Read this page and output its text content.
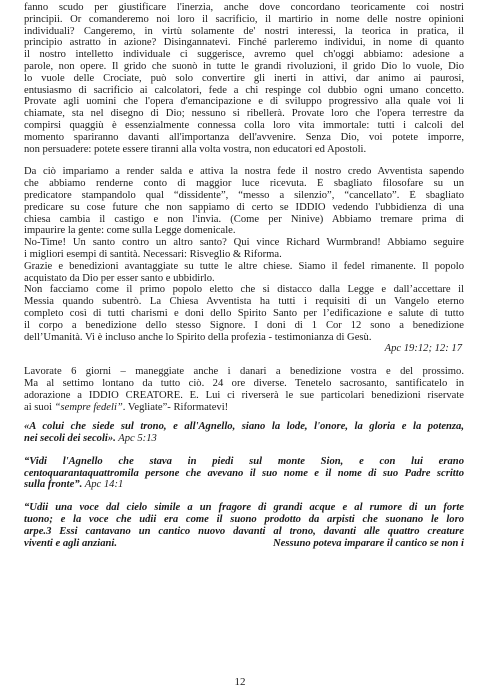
fanno scudo per giustificare l'inerzia, anche dove concordano teoricamente coi nostri
principii. Or comanderemo noi loro il sacrificio, il martirio in nome delle nostre opinioni
individuali? Cangeremo, in virtù solamente de' nostri interessi, la teorica in pratica, il
principio astratto in azione? Disingannatevi. Finché parleremo individui, in nome di quanto
il nostro intelletto individuale ci suggerisce, avremo quel ch'oggi abbiamo: adesione a
parole, non opere. Il grido che suonò in tutte le grandi rivoluzioni, il grido Dio lo vuole, Dio
lo vuole delle Crociate, può solo convertire gli inerti in attivi, dar animo ai paurosi,
entusiasmo di sacrificio ai calcolatori, fede a chi respinge col dubbio ogni umano concetto.
Provate agli uomini che l'opera d'emancipazione e di sviluppo progressivo alla quale voi li
chiamate, sta nel disegno di Dio; nessuno si ribellerà. Provate loro che l'opera terrestre da
compirsi quaggiù è essenzialmente connessa colla loro vita immortale: tutti i calcoli del
momento spariranno davanti all'importanza dell'avvenire. Senza Dio, voi potete imporre,
non persuadere: potete essere tiranni alla volta vostra, non educatori ed Apostoli.
Da ciò impariamo a render salda e attiva la nostra fede il nostro credo Avventista sapendo
che abbiamo renderne conto di maggior luce ricevuta. È sbagliato filosofare su un
predicatore stampandolo qual “dissidente”, “messo a silenzio”, “cancellato”. È sbagliato
predicare su cose future che non sappiamo di certo se IDDIO vedendo l'ubbidienza di una
chiesa cambia il castigo e non l'invia. (Come per Ninive) Abbiamo tremare prima di
impaurire la gente: come sulla Legge domenicale.
No-Time! Un santo contro un altro santo? Qui vince Richard Wurmbrand! Abbiamo seguire
i migliori esempi di santità. Necessari: Risveglio & Riforma.
Grazie e benedizioni avantaggiate su tutte le altre chiese. Siamo il fedel rimanente. Il popolo
acquistato da Dio per esser santo e ubbidirlo.
Non facciamo come il primo popolo eletto che si distacco dalla Legge e dall’accettare il
Messia quando subentrò. La Chiesa Avventista ha tutti i requisiti di un Vangelo eterno
completo così di tutti charismi e doni dello Spirito Santo per l’edificazione e salute di tutto
il corpo a benedizione dello stesso Signore. I doni di 1 Cor 12 sono a benedizione
dell’Umanità. Vi è incluso anche lo Spirito della profezia - testimonianza di Gesù.
Apc 19:12; 12: 17
Lavorate 6 giorni – maneggiate anche i danari a benedizione vostra e del prossimo.
Ma al settimo lontano da tutto ciò. 24 ore diverse. Tenetelo sacrosanto, santificatelo in
adorazione a IDDIO CREATORE. E. Lui ci riverserà le sue particolari benedizioni riservate
ai suoi “sempre fedeli”. Vegliate”- Riformatevi!
«A colui che siede sul trono, e all'Agnello, siano la lode, l'onore, la gloria e la potenza,
nei secoli dei secoli». Apc 5:13
“Vidi l'Agnello che stava in piedi sul monte Sion, e con lui erano
centoquarantaquattromila persone che avevano il suo nome e il nome di suo Padre scritto
sulla fronte”. Apc 14:1
“Udii una voce dal cielo simile a un fragore di grandi acque e al rumore di un forte
tuono; e la voce che udii era come il suono prodotto da arpisti che suonano le loro
arpe.3 Essi cantavano un cantico nuovo davanti al trono, davanti alle quattro creature
viventi e agli anziani.	Nessuno poteva imparare il cantico se non i
12
